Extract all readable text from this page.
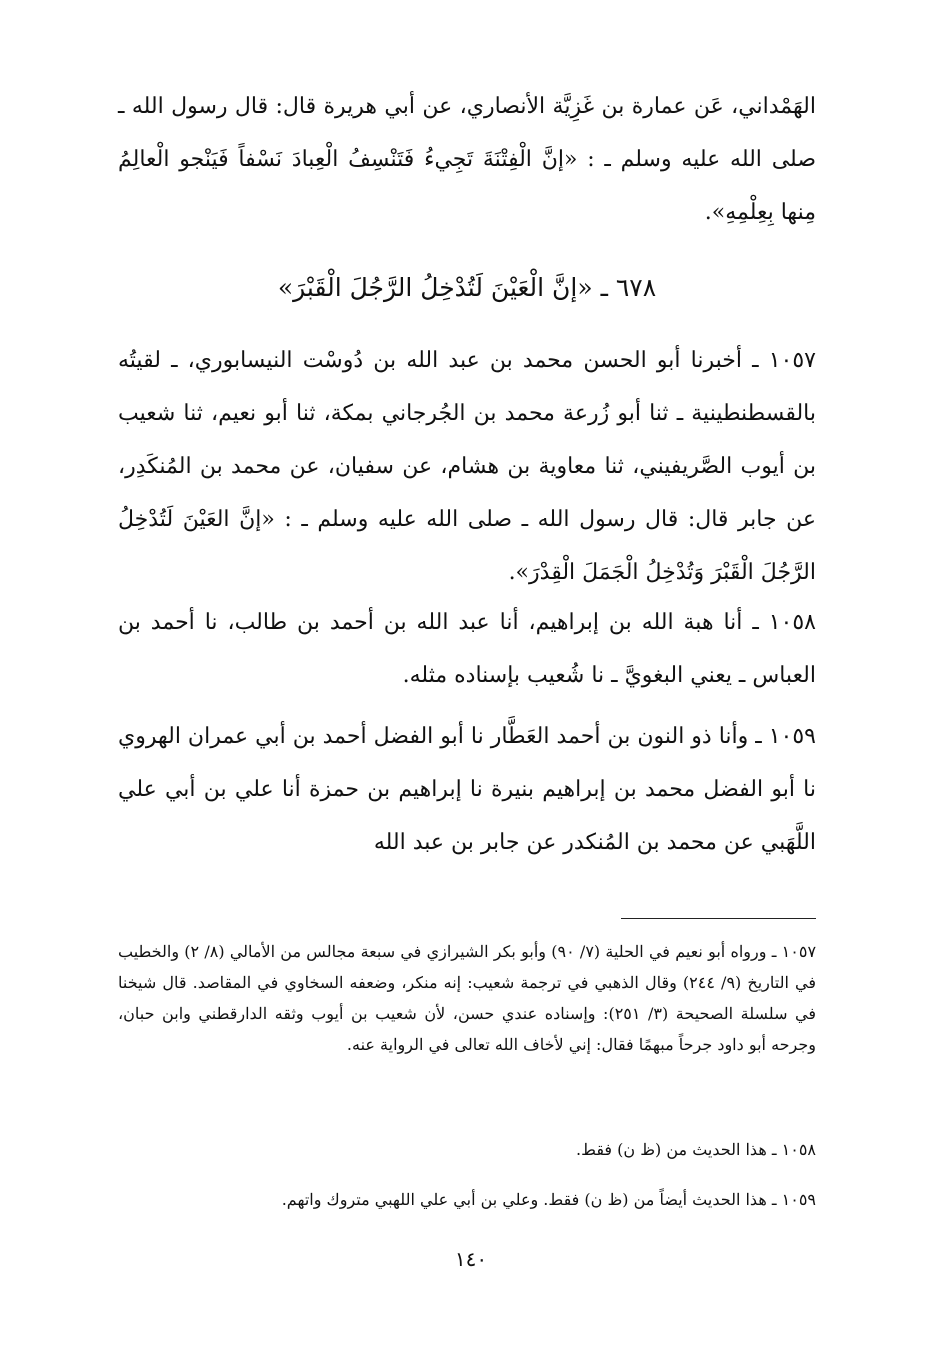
الهَمْداني، عَن عمارة بن غَزِيَّة الأنصاري، عن أبي هريرة قال: قال رسول الله ـ صلى الله عليه وسلم ـ : «إنَّ الْفِتْنَةَ تَجِيءُ فَتَنْسِفُ الْعِبادَ نَسْفاً فَيَنْجو الْعالِمُ مِنها بِعِلْمِهِ».

٦٧٨ ـ «إنَّ الْعَيْنَ لَتُدْخِلُ الرَّجُلَ الْقَبْرَ»

١٠٥٧ ـ أخبرنا أبو الحسن محمد بن عبد الله بن دُوسْت النيسابوري، ـ لقيتُه بالقسطنطينية ـ ثنا أبو زُرعة محمد بن الجُرجاني بمكة، ثنا أبو نعيم، ثنا شعيب بن أيوب الصَّريفيني، ثنا معاوية بن هشام، عن سفيان، عن محمد بن المُنكَدِر، عن جابر قال: قال رسول الله ـ صلى الله عليه وسلم ـ : «إنَّ العَيْنَ لَتُدْخِلُ الرَّجُلَ الْقَبْرَ وَتُدْخِلُ الْجَمَلَ الْقِدْرَ».

١٠٥٨ ـ أنا هبة الله بن إبراهيم، أنا عبد الله بن أحمد بن طالب، نا أحمد بن العباس ـ يعني البغويَّ ـ نا شُعيب بإسناده مثله.

١٠٥٩ ـ وأنا ذو النون بن أحمد العَطَّار نا أبو الفضل أحمد بن أبي عمران الهروي نا أبو الفضل محمد بن إبراهيم بنيرة نا إبراهيم بن حمزة أنا علي بن أبي علي اللَّهَبي عن محمد بن المُنكدر عن جابر بن عبد الله

١٠٥٧ ـ ورواه أبو نعيم في الحلية (٧/ ٩٠) وأبو بكر الشيرازي في سبعة مجالس من الأمالي (٨/ ٢) والخطيب في التاريخ (٩/ ٢٤٤) وقال الذهبي في ترجمة شعيب: إنه منكر، وضعفه السخاوي في المقاصد. قال شيخنا في سلسلة الصحيحة (٣/ ٢٥١): وإسناده عندي حسن، لأن شعيب بن أيوب وثقه الدارقطني وابن حبان، وجرحه أبو داود جرحاً مبهمًا فقال: إني لأخاف الله تعالى في الرواية عنه.

١٠٥٨ ـ هذا الحديث من (ظ ن) فقط.

١٠٥٩ ـ هذا الحديث أيضاً من (ظ ن) فقط. وعلي بن أبي علي اللهبي متروك واتهم.

١٤٠
